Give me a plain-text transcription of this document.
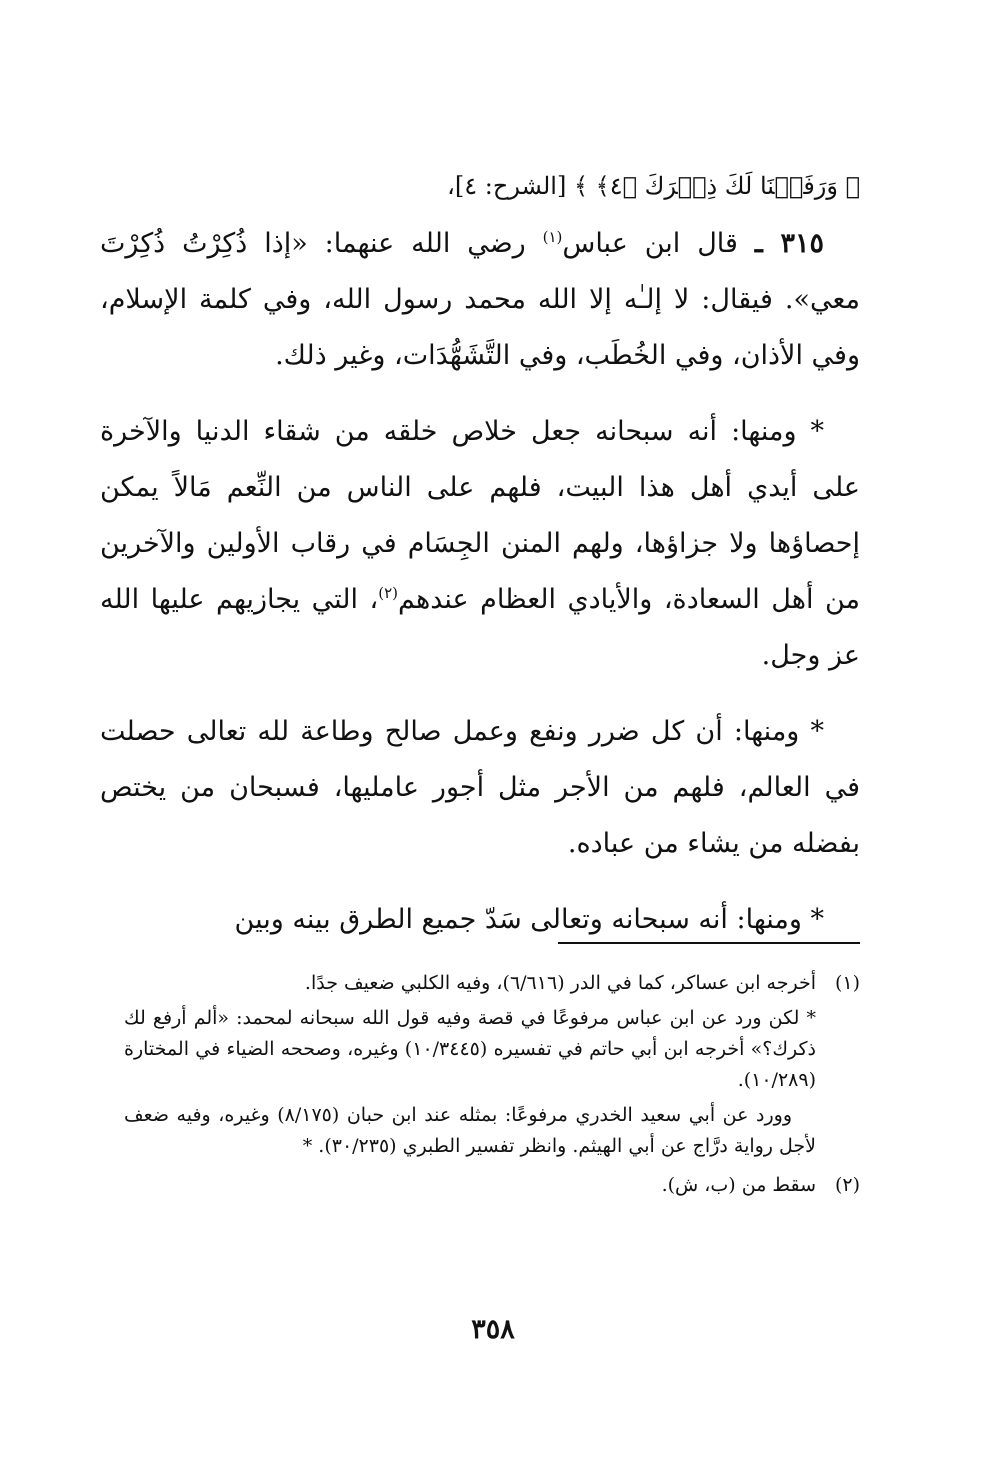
﴿ وَرَفَعۡنَا لَكَ ذِكۡرَكَ ﴿٤﴾ ﴾ [الشرح: ٤]،

٣١٥ ـ قال ابن عباس$^{(١)}$ رضي الله عنهما: «إذا ذُكِرْتُ ذُكِرْتَ معي». فيقال: لا إلـٰه إلا الله محمد رسول الله، وفي كلمة الإسلام، وفي الأذان، وفي الخُطَب، وفي التَّشَهُّدَات، وغير ذلك.

* ومنها: أنه سبحانه جعل خلاص خلقه من شقاء الدنيا والآخرة على أيدي أهل هذا البيت، فلهم على الناس من النِّعم مَالاً يمكن إحصاؤها ولا جزاؤها، ولهم المنن الجِسَام في رقاب الأولين والآخرين من أهل السعادة، والأيادي العظام عندهم$^{(٢)}$، التي يجازيهم عليها الله عز وجل.

* ومنها: أن كل ضرر ونفع وعمل صالح وطاعة لله تعالى حصلت في العالم، فلهم من الأجر مثل أجور عامليها، فسبحان من يختص بفضله من يشاء من عباده.

* ومنها: أنه سبحانه وتعالى سَدّ جميع الطرق بينه وبين

(١)

أخرجه ابن عساكر، كما في الدر (٦/٦١٦)، وفيه الكلبي ضعيف جدًا.

* لكن ورد عن ابن عباس مرفوعًا في قصة وفيه قول الله سبحانه لمحمد: «ألم أرفع لك ذكرك؟» أخرجه ابن أبي حاتم في تفسيره (١٠/٣٤٤٥) وغيره، وصححه الضياء في المختارة (١٠/٢٨٩).

وورد عن أبي سعيد الخدري مرفوعًا: بمثله عند ابن حبان (٨/١٧٥) وغيره، وفيه ضعف لأجل رواية درَّاج عن أبي الهيثم. وانظر تفسير الطبري (٣٠/٢٣٥). *

(٢)

سقط من (ب، ش).

٣٥٨
